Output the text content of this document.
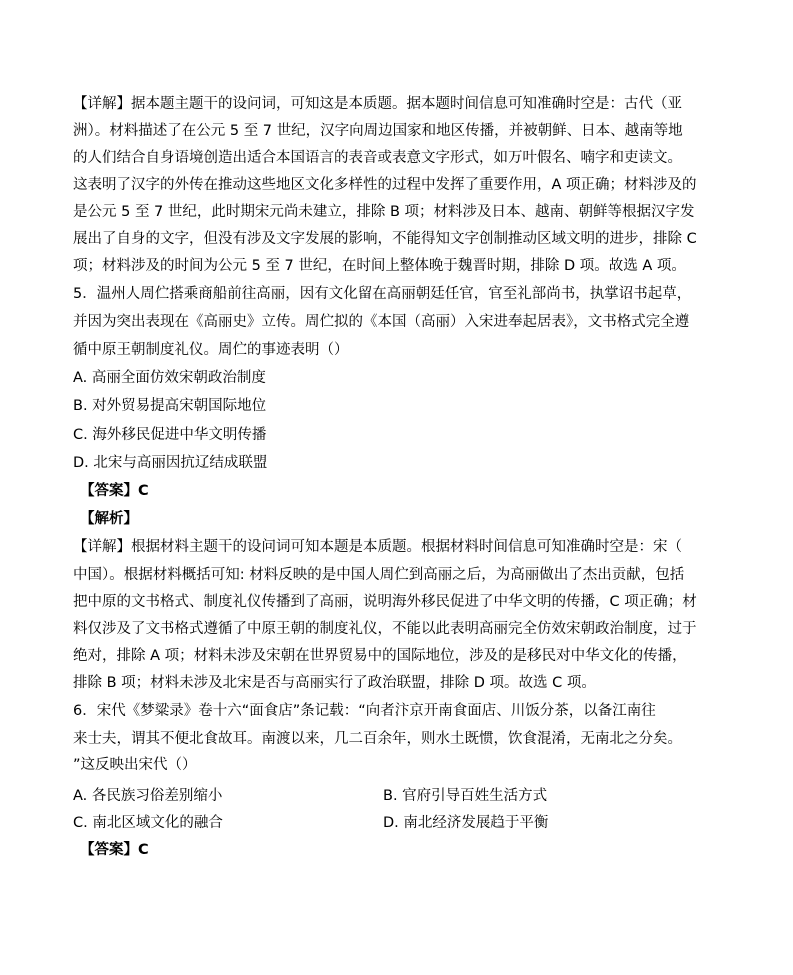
【详解】据本题主题干的设问词，可知这是本质题。据本题时间信息可知准确时空是：古代（亚
洲）。材料描述了在公元 5 至 7 世纪，汉字向周边国家和地区传播，并被朝鲜、日本、越南等地
的人们结合自身语境创造出适合本国语言的表音或表意文字形式，如万叶假名、喃字和吏读文。
这表明了汉字的外传在推动这些地区文化多样性的过程中发挥了重要作用，A 项正确；材料涉及的
是公元 5 至 7 世纪，此时期宋元尚未建立，排除 B 项；材料涉及日本、越南、朝鲜等根据汉字发
展出了自身的文字，但没有涉及文字发展的影响，不能得知文字创制推动区域文明的进步，排除 C
项；材料涉及的时间为公元 5 至 7 世纪，在时间上整体晚于魏晋时期，排除 D 项。故选 A 项。
5．温州人周伫搭乘商船前往高丽，因有文化留在高丽朝廷任官，官至礼部尚书，执掌诏书起草，
并因为突出表现在《高丽史》立传。周伫拟的《本国（高丽）入宋进奉起居表》，文书格式完全遵
循中原王朝制度礼仪。周伫的事迹表明（）
A. 高丽全面仿效宋朝政治制度
B. 对外贸易提高宋朝国际地位
C. 海外移民促进中华文明传播
D. 北宋与高丽因抗辽结成联盟
【答案】C
【解析】
【详解】根据材料主题干的设问词可知本题是本质题。根据材料时间信息可知准确时空是：宋（
中国）。根据材料概括可知: 材料反映的是中国人周伫到高丽之后，为高丽做出了杰出贡献，包括
把中原的文书格式、制度礼仪传播到了高丽，说明海外移民促进了中华文明的传播，C 项正确；材
料仅涉及了文书格式遵循了中原王朝的制度礼仪，不能以此表明高丽完全仿效宋朝政治制度，过于
绝对，排除 A 项；材料未涉及宋朝在世界贸易中的国际地位，涉及的是移民对中华文化的传播，
排除 B 项；材料未涉及北宋是否与高丽实行了政治联盟，排除 D 项。故选 C 项。
6．宋代《梦粱录》卷十六“面食店”条记载：“向者汴京开南食面店、川饭分茶，以备江南往
来士夫，谓其不便北食故耳。南渡以来，几二百余年，则水土既惯，饮食混淆，无南北之分矣。
”这反映出宋代（）
A. 各民族习俗差别缩小	B. 官府引导百姓生活方式
C. 南北区域文化的融合	D. 南北经济发展趋于平衡
【答案】C
